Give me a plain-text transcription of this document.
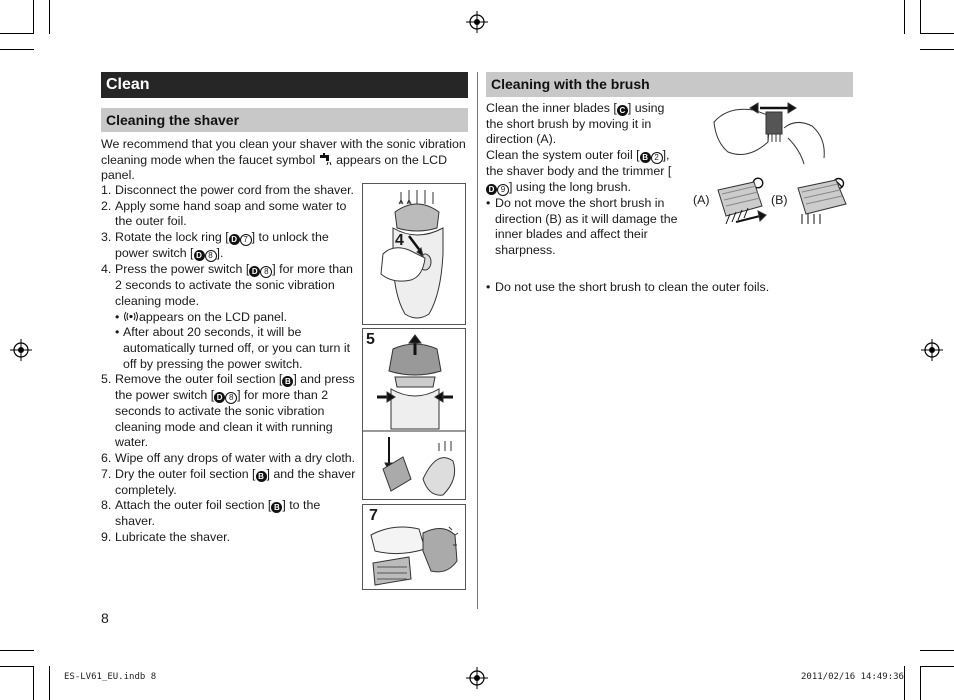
Clean
Cleaning the shaver
We recommend that you clean your shaver with the sonic vibration cleaning mode when the faucet symbol appears on the LCD panel.
1. Disconnect the power cord from the shaver.
2. Apply some hand soap and some water to the outer foil.
3. Rotate the lock ring [ D 7 ] to unlock the power switch [ D 8 ].
4. Press the power switch [ D 8 ] for more than 2 seconds to activate the sonic vibration cleaning mode.
• appears on the LCD panel.
• After about 20 seconds, it will be automatically turned off, or you can turn it off by pressing the power switch.
5. Remove the outer foil section [ B ] and press the power switch [ D 8 ] for more than 2 seconds to activate the sonic vibration cleaning mode and clean it with running water.
6. Wipe off any drops of water with a dry cloth.
7. Dry the outer foil section [ B ] and the shaver completely.
8. Attach the outer foil section [ B ] to the shaver.
9. Lubricate the shaver.
4
5
7
8
Cleaning with the brush
Clean the inner blades [ C ] using the short brush by moving it in direction (A).
Clean the system outer foil [ B 2 ], the shaver body and the trimmer [D 9 ] using the long brush.
• Do not move the short brush in direction (B) as it will damage the inner blades and affect their sharpness.
• Do not use the short brush to clean the outer foils.
(A)	(B)
ES-LV61_EU.indb 8	2011/02/16 14:49:36
